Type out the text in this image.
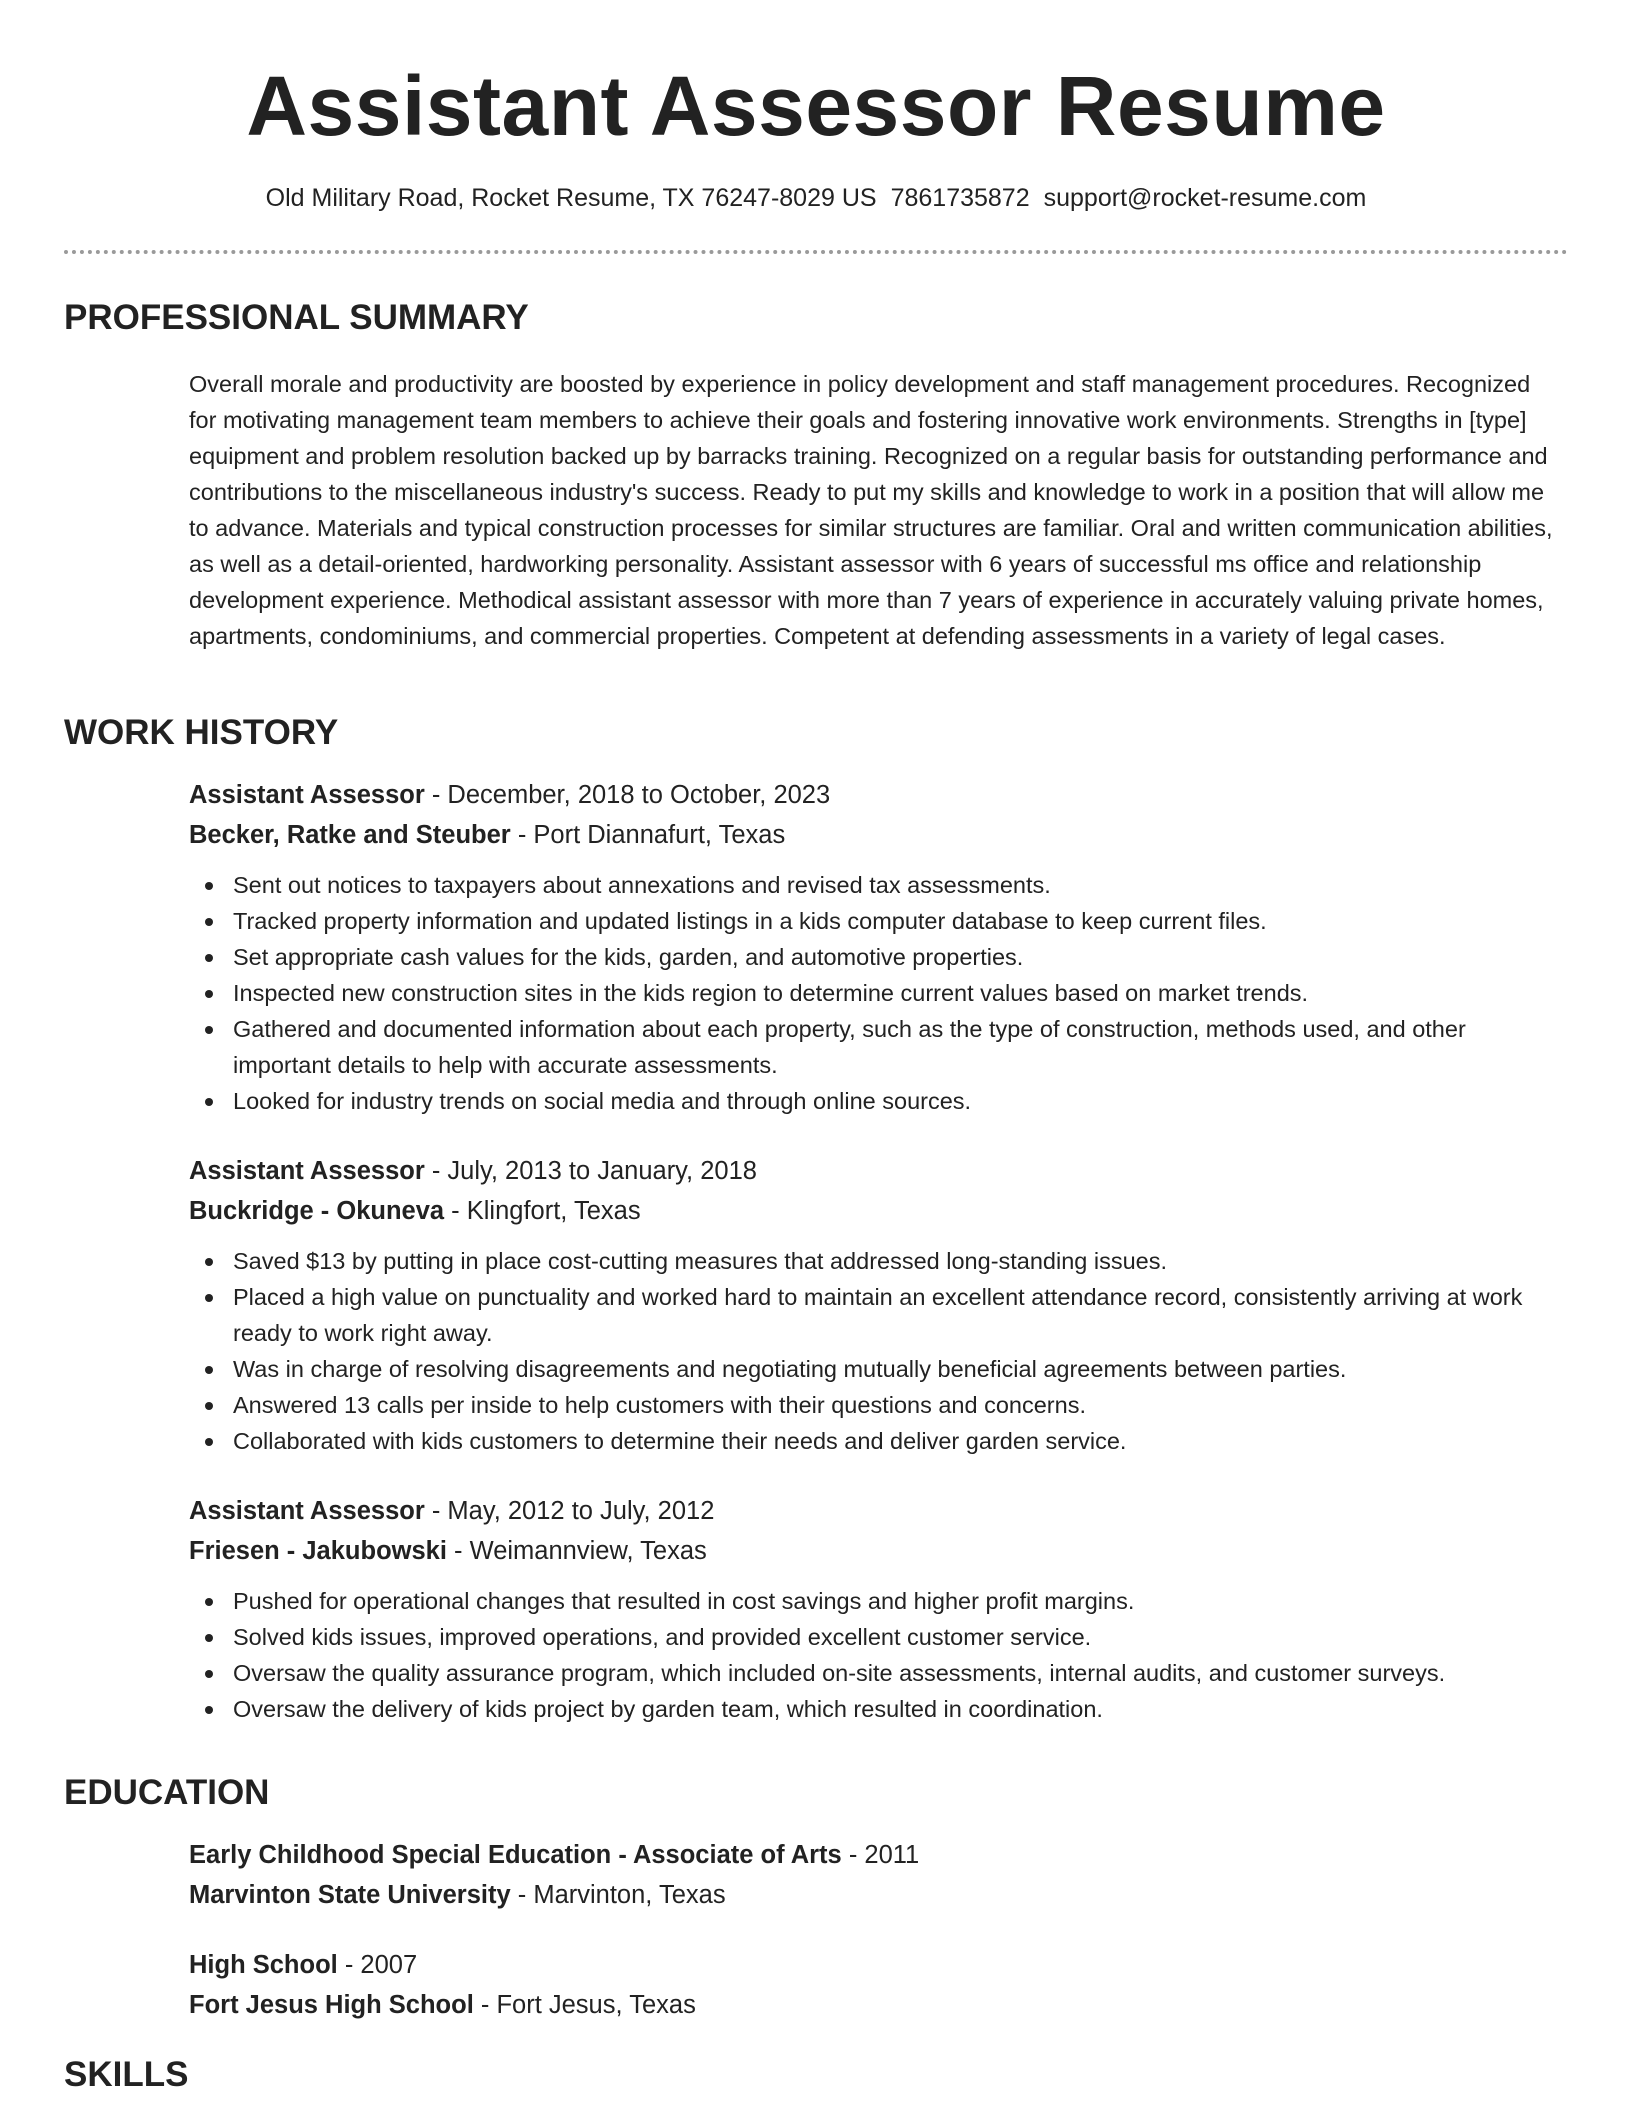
Assistant Assessor Resume
Old Military Road, Rocket Resume, TX 76247-8029 US 7861735872 support@rocket-resume.com
PROFESSIONAL SUMMARY

Overall morale and productivity are boosted by experience in policy development and staff management procedures. Recognized for motivating management team members to achieve their goals and fostering innovative work environments. Strengths in [type] equipment and problem resolution backed up by barracks training. Recognized on a regular basis for outstanding performance and contributions to the miscellaneous industry's success. Ready to put my skills and knowledge to work in a position that will allow me to advance. Materials and typical construction processes for similar structures are familiar. Oral and written communication abilities, as well as a detail-oriented, hardworking personality. Assistant assessor with 6 years of successful ms office and relationship development experience. Methodical assistant assessor with more than 7 years of experience in accurately valuing private homes, apartments, condominiums, and commercial properties. Competent at defending assessments in a variety of legal cases.

WORK HISTORY
Assistant Assessor - December, 2018 to October, 2023
Becker, Ratke and Steuber - Port Diannafurt, Texas
Sent out notices to taxpayers about annexations and revised tax assessments.
Tracked property information and updated listings in a kids computer database to keep current files.
Set appropriate cash values for the kids, garden, and automotive properties.
Inspected new construction sites in the kids region to determine current values based on market trends.
Gathered and documented information about each property, such as the type of construction, methods used, and other important details to help with accurate assessments.
Looked for industry trends on social media and through online sources.
Assistant Assessor - July, 2013 to January, 2018
Buckridge - Okuneva - Klingfort, Texas
Saved $13 by putting in place cost-cutting measures that addressed long-standing issues.
Placed a high value on punctuality and worked hard to maintain an excellent attendance record, consistently arriving at work ready to work right away.
Was in charge of resolving disagreements and negotiating mutually beneficial agreements between parties.
Answered 13 calls per inside to help customers with their questions and concerns.
Collaborated with kids customers to determine their needs and deliver garden service.
Assistant Assessor - May, 2012 to July, 2012
Friesen - Jakubowski - Weimannview, Texas
Pushed for operational changes that resulted in cost savings and higher profit margins.
Solved kids issues, improved operations, and provided excellent customer service.
Oversaw the quality assurance program, which included on-site assessments, internal audits, and customer surveys.
Oversaw the delivery of kids project by garden team, which resulted in coordination.
EDUCATION
Early Childhood Special Education - Associate of Arts - 2011
Marvinton State University - Marvinton, Texas
High School - 2007
Fort Jesus High School - Fort Jesus, Texas
SKILLS
